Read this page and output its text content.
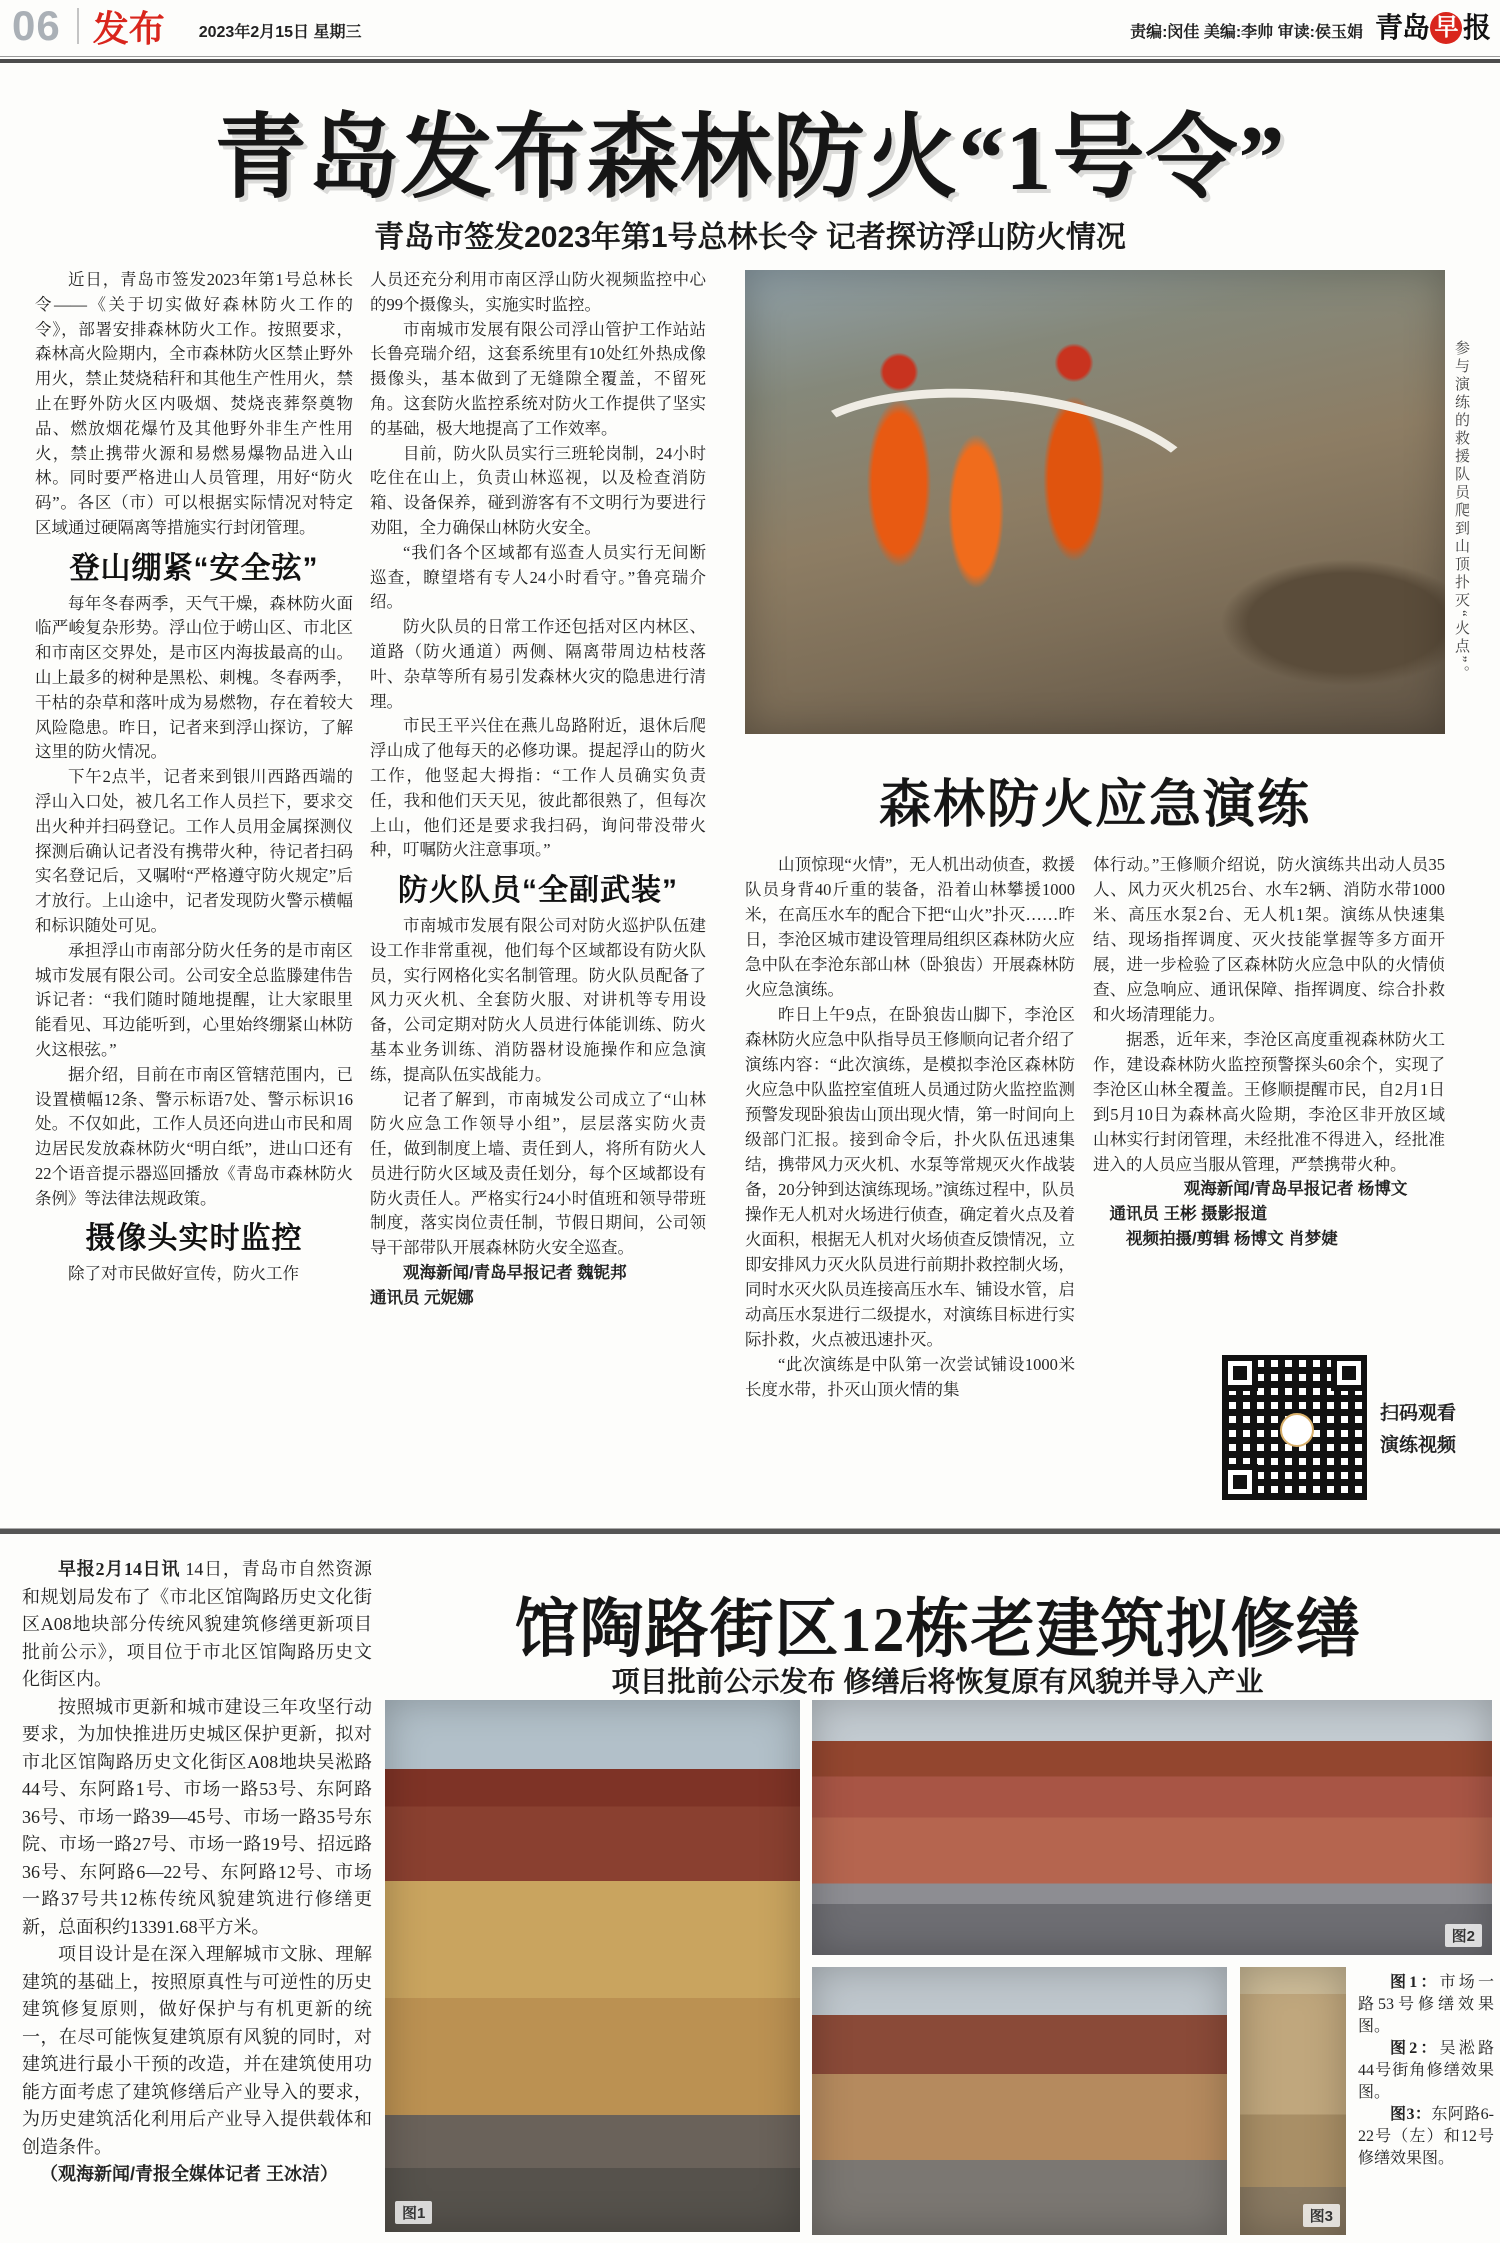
06 发布 2023年2月15日 星期三	责编:闵佳 美编:李帅 审读:侯玉娟 青岛 早 报
青岛发布森林防火“1号令”
青岛市签发2023年第1号总林长令 记者探访浮山防火情况

近日，青岛市签发2023年第1号总林长令——《关于切实做好森林防火工作的令》，部署安排森林防火工作。按照要求，森林高火险期内，全市森林防火区禁止野外用火，禁止焚烧秸秆和其他生产性用火，禁止在野外防火区内吸烟、焚烧丧葬祭奠物品、燃放烟花爆竹及其他野外非生产性用火，禁止携带火源和易燃易爆物品进入山林。同时要严格进山人员管理，用好“防火码”。各区（市）可以根据实际情况对特定区域通过硬隔离等措施实行封闭管理。

登山绷紧“安全弦”

每年冬春两季，天气干燥，森林防火面临严峻复杂形势。浮山位于崂山区、市北区和市南区交界处，是市区内海拔最高的山。山上最多的树种是黑松、刺槐。冬春两季，干枯的杂草和落叶成为易燃物，存在着较大风险隐患。昨日，记者来到浮山探访，了解这里的防火情况。

下午2点半，记者来到银川西路西端的浮山入口处，被几名工作人员拦下，要求交出火种并扫码登记。工作人员用金属探测仪探测后确认记者没有携带火种，待记者扫码实名登记后，又嘱咐“严格遵守防火规定”后才放行。上山途中，记者发现防火警示横幅和标识随处可见。

承担浮山市南部分防火任务的是市南区城市发展有限公司。公司安全总监滕建伟告诉记者：“我们随时随地提醒，让大家眼里能看见、耳边能听到，心里始终绷紧山林防火这根弦。”

据介绍，目前在市南区管辖范围内，已设置横幅12条、警示标语7处、警示标识16处。不仅如此，工作人员还向进山市民和周边居民发放森林防火“明白纸”，进山口还有22个语音提示器巡回播放《青岛市森林防火条例》等法律法规政策。

摄像头实时监控

除了对市民做好宣传，防火工作

人员还充分利用市南区浮山防火视频监控中心的99个摄像头，实施实时监控。

市南城市发展有限公司浮山管护工作站站长鲁亮瑞介绍，这套系统里有10处红外热成像摄像头，基本做到了无缝隙全覆盖，不留死角。这套防火监控系统对防火工作提供了坚实的基础，极大地提高了工作效率。

目前，防火队员实行三班轮岗制，24小时吃住在山上，负责山林巡视，以及检查消防箱、设备保养，碰到游客有不文明行为要进行劝阻，全力确保山林防火安全。

“我们各个区域都有巡查人员实行无间断巡查，瞭望塔有专人24小时看守。”鲁亮瑞介绍。

防火队员的日常工作还包括对区内林区、道路（防火通道）两侧、隔离带周边枯枝落叶、杂草等所有易引发森林火灾的隐患进行清理。

市民王平兴住在燕儿岛路附近，退休后爬浮山成了他每天的必修功课。提起浮山的防火工作，他竖起大拇指：“工作人员确实负责任，我和他们天天见，彼此都很熟了，但每次上山，他们还是要求我扫码，询问带没带火种，叮嘱防火注意事项。”

防火队员“全副武装”

市南城市发展有限公司对防火巡护队伍建设工作非常重视，他们每个区域都设有防火队员，实行网格化实名制管理。防火队员配备了风力灭火机、全套防火服、对讲机等专用设备，公司定期对防火人员进行体能训练、防火基本业务训练、消防器材设施操作和应急演练，提高队伍实战能力。

记者了解到，市南城发公司成立了“山林防火应急工作领导小组”，层层落实防火责任，做到制度上墙、责任到人，将所有防火人员进行防火区域及责任划分，每个区域都设有防火责任人。严格实行24小时值班和领导带班制度，落实岗位责任制，节假日期间，公司领导干部带队开展森林防火安全巡查。

观海新闻/青岛早报记者 魏铌邦

通讯员 元妮娜

参与演练的救援队员爬到山顶扑灭“火点”。
森林防火应急演练

山顶惊现“火情”，无人机出动侦查，救援队员身背40斤重的装备，沿着山林攀援1000米，在高压水车的配合下把“山火”扑灭……昨日，李沧区城市建设管理局组织区森林防火应急中队在李沧东部山林（卧狼齿）开展森林防火应急演练。

昨日上午9点，在卧狼齿山脚下，李沧区森林防火应急中队指导员王修顺向记者介绍了演练内容：“此次演练，是模拟李沧区森林防火应急中队监控室值班人员通过防火监控监测预警发现卧狼齿山顶出现火情，第一时间向上级部门汇报。接到命令后，扑火队伍迅速集结，携带风力灭火机、水泵等常规灭火作战装备，20分钟到达演练现场。”演练过程中，队员操作无人机对火场进行侦查，确定着火点及着火面积，根据无人机对火场侦查反馈情况，立即安排风力灭火队员进行前期扑救控制火场，同时水灭火队员连接高压水车、铺设水管，启动高压水泵进行二级提水，对演练目标进行实际扑救，火点被迅速扑灭。

“此次演练是中队第一次尝试铺设1000米长度水带，扑灭山顶火情的集

体行动。”王修顺介绍说，防火演练共出动人员35人、风力灭火机25台、水车2辆、消防水带1000米、高压水泵2台、无人机1架。演练从快速集结、现场指挥调度、灭火技能掌握等多方面开展，进一步检验了区森林防火应急中队的火情侦查、应急响应、通讯保障、指挥调度、综合扑救和火场清理能力。

据悉，近年来，李沧区高度重视森林防火工作，建设森林防火监控预警探头60余个，实现了李沧区山林全覆盖。王修顺提醒市民，自2月1日到5月10日为森林高火险期，李沧区非开放区域山林实行封闭管理，未经批准不得进入，经批准进入的人员应当服从管理，严禁携带火种。

观海新闻/青岛早报记者 杨博文

通讯员 王彬 摄影报道

视频拍摄/剪辑 杨博文 肖梦婕

扫码观看
演练视频

早报2月14日讯 14日，青岛市自然资源和规划局发布了《市北区馆陶路历史文化街区A08地块部分传统风貌建筑修缮更新项目批前公示》，项目位于市北区馆陶路历史文化街区内。

按照城市更新和城市建设三年攻坚行动要求，为加快推进历史城区保护更新，拟对市北区馆陶路历史文化街区A08地块吴淞路44号、东阿路1号、市场一路53号、东阿路36号、市场一路39—45号、市场一路35号东院、市场一路27号、市场一路19号、招远路36号、东阿路6—22号、东阿路12号、市场一路37号共12栋传统风貌建筑进行修缮更新，总面积约13391.68平方米。

项目设计是在深入理解城市文脉、理解建筑的基础上，按照原真性与可逆性的历史建筑修复原则，做好保护与有机更新的统一，在尽可能恢复建筑原有风貌的同时，对建筑进行最小干预的改造，并在建筑使用功能方面考虑了建筑修缮后产业导入的要求，为历史建筑活化利用后产业导入提供载体和创造条件。

（观海新闻/青报全媒体记者 王冰洁）

馆陶路街区12栋老建筑拟修缮
项目批前公示发布 修缮后将恢复原有风貌并导入产业
图1
图2
图3

图1：市场一路53号修缮效果图。

图2：吴淞路44号街角修缮效果图。

图3：东阿路6-22号（左）和12号修缮效果图。
